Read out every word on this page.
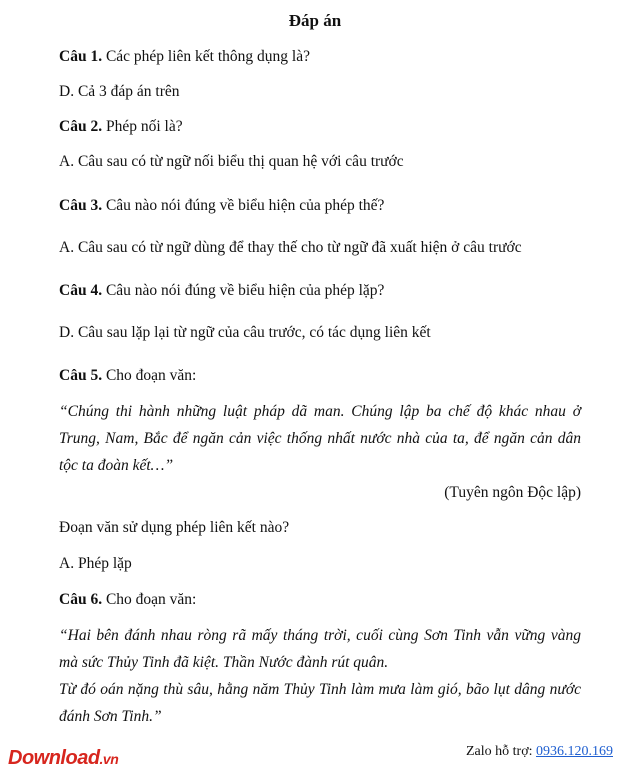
Đáp án
Câu 1. Các phép liên kết thông dụng là?
D. Cả 3 đáp án trên
Câu 2. Phép nối là?
A. Câu sau có từ ngữ nối biểu thị quan hệ với câu trước
Câu 3. Câu nào nói đúng về biểu hiện của phép thế?
A. Câu sau có từ ngữ dùng để thay thế cho từ ngữ đã xuất hiện ở câu trước
Câu 4. Câu nào nói đúng về biểu hiện của phép lặp?
D. Câu sau lặp lại từ ngữ của câu trước, có tác dụng liên kết
Câu 5. Cho đoạn văn:
“Chúng thi hành những luật pháp dã man. Chúng lập ba chế độ khác nhau ở
Trung, Nam, Bắc để ngăn cản việc thống nhất nước nhà của ta, để ngăn cản dân
tộc ta đoàn kết…”
(Tuyên ngôn Độc lập)
Đoạn văn sử dụng phép liên kết nào?
A. Phép lặp
Câu 6. Cho đoạn văn:
“Hai bên đánh nhau ròng rã mấy tháng trời, cuối cùng Sơn Tinh vẫn vững vàng
mà sức Thủy Tinh đã kiệt. Thần Nước đành rút quân.
Từ đó oán nặng thù sâu, hằng năm Thủy Tinh làm mưa làm gió, bão lụt dâng nước
đánh Sơn Tinh.”
Download.vn	Zalo hỗ trợ: 0936.120.169
